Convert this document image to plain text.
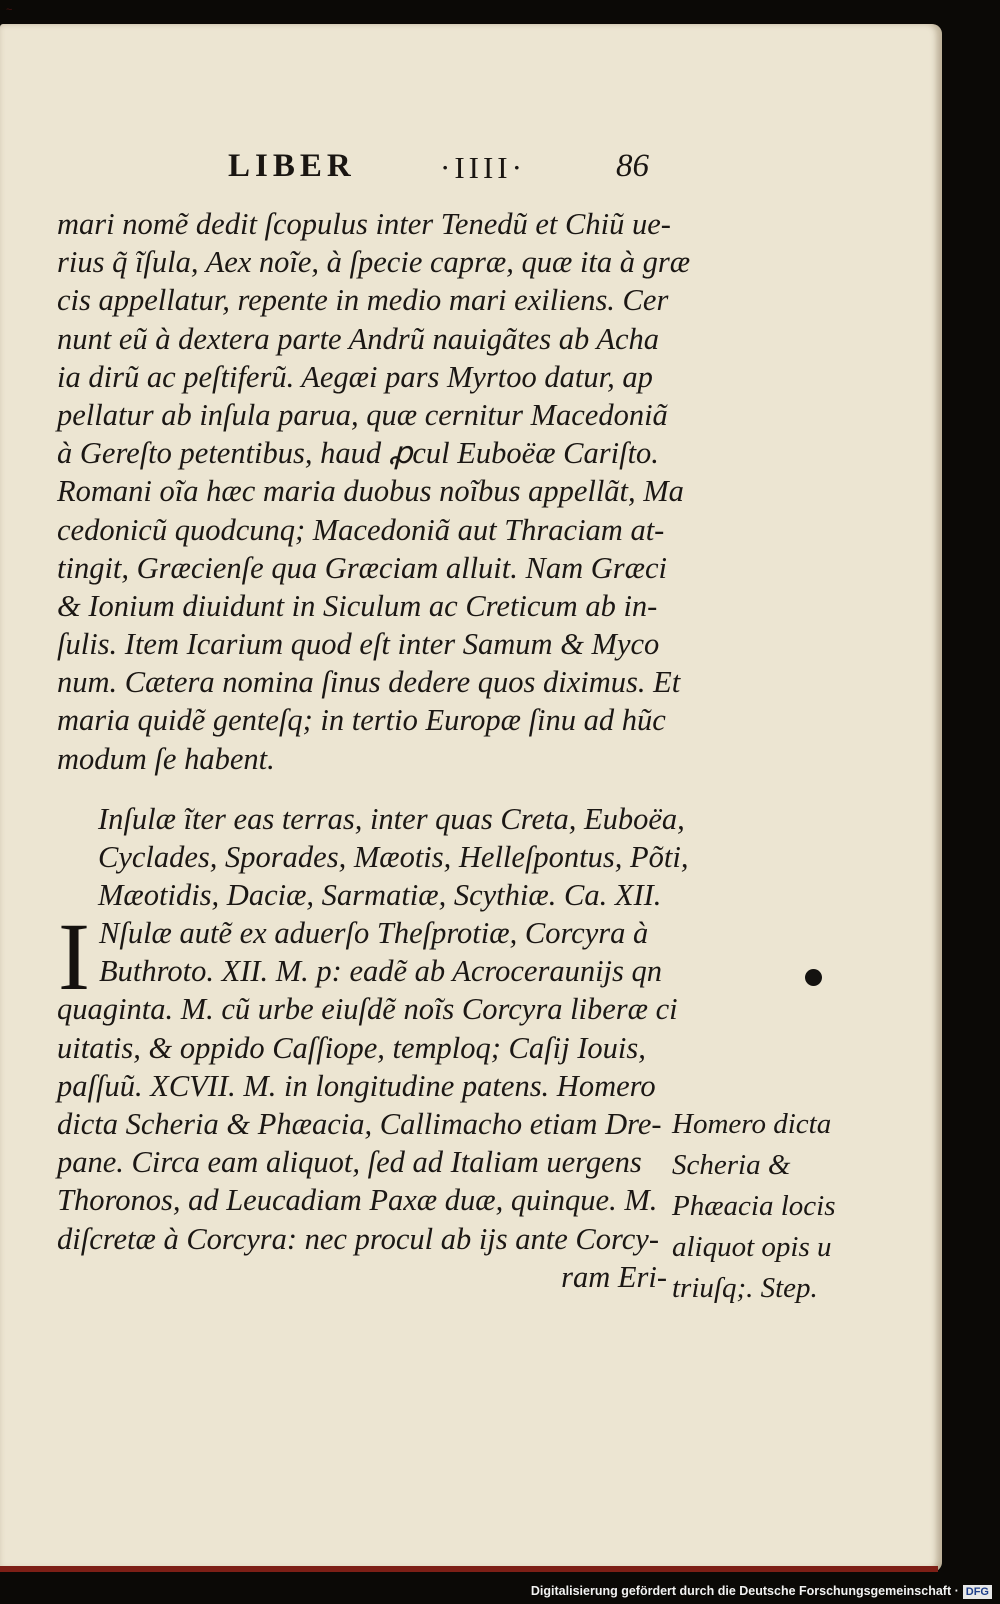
~
LIBER	·IIII·	86
mari nomẽ dedit ſcopulus inter Tenedũ et Chiũ ue-
rius q̃ ĩſula, Aex noĩe, à ſpecie capræ, quæ ita à græ
cis appellatur, repente in medio mari exiliens. Cer
nunt eũ à dextera parte Andrũ nauigãtes ab Acha
ia dirũ ac peſtiferũ. Aegæi pars Myrtoo datur, ap
pellatur ab inſula parua, quæ cernitur Macedoniã
à Gereſto petentibus, haud ꝓcul Euboëæ Cariſto.
Romani oĩa hæc maria duobus noĩbus appellãt, Ma
cedonicũ quodcunq; Macedoniã aut Thraciam at-
tingit, Græcienſe qua Græciam alluit. Nam Græci
& Ionium diuidunt in Siculum ac Creticum ab in-
ſulis. Item Icarium quod eſt inter Samum & Myco
num. Cætera nomina ſinus dedere quos diximus. Et
maria quidẽ genteſq; in tertio Europæ ſinu ad hũc
modum ſe habent.
Inſulæ ĩter eas terras, inter quas Creta, Euboëa,
Cyclades, Sporades, Mæotis, Helleſpontus, Põti,
Mæotidis, Daciæ, Sarmatiæ, Scythiæ. Ca. XII.
I Nſulæ autẽ ex aduerſo Theſprotiæ, Corcyra à
Buthroto. XII. M. p: eadẽ ab Acroceraunijs qn
quaginta. M. cũ urbe eiuſdẽ noĩs Corcyra liberæ ci
uitatis, & oppido Caſſiope, temploq; Caſij Iouis,
paſſuũ. XCVII. M. in longitudine patens. Homero
dicta Scheria & Phæacia, Callimacho etiam Dre-
pane. Circa eam aliquot, ſed ad Italiam uergens
Thoronos, ad Leucadiam Paxæ duæ, quinque. M.
diſcretæ à Corcyra: nec procul ab ijs ante Corcy-
ram Eri-
Homero dicta
Scheria &
Phæacia locis
aliquot opis u
triuſq;. Step.
Digitalisierung gefördert durch die Deutsche Forschungsgemeinschaft · DFG
